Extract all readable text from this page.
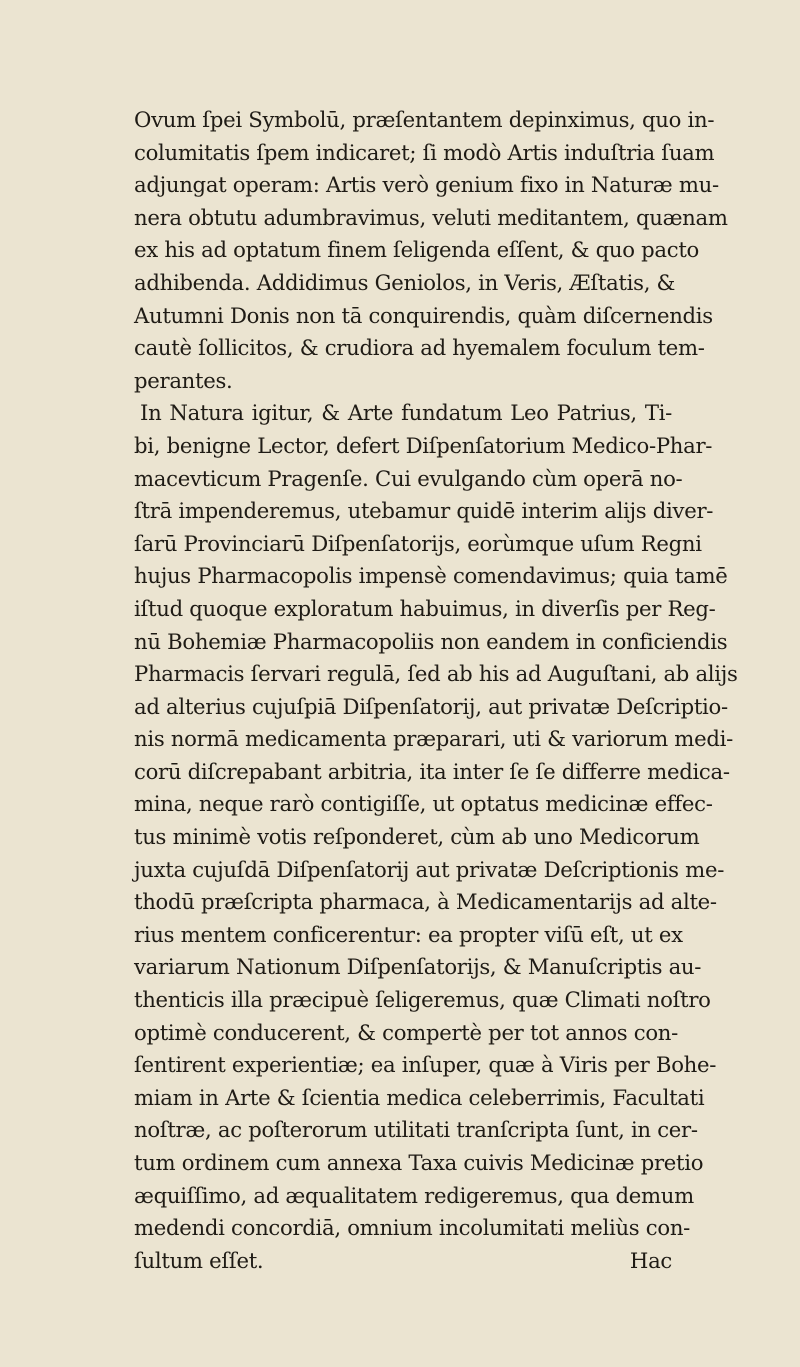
Ovum ſpei Symbolū, præſentantem depinximus, quo in-
columitatis ſpem indicaret; ſi modò Artis induſtria ſuam
adjungat operam: Artis verò genium fixo in Naturæ mu-
nera obtutu adumbravimus, veluti meditantem, quænam
ex his ad optatum finem ſeligenda eſſent, & quo pacto
adhibenda. Addidimus Geniolos, in Veris, Æſtatis, &
Autumni Donis non tā conquirendis, quàm diſcernendis
cautè ſollicitos, & crudiora ad hyemalem foculum tem-
perantes.
In Natura igitur, & Arte fundatum Leo Patrius, Ti-
bi, benigne Lector, defert Diſpenſatorium Medico-Phar-
macevticum Pragenſe. Cui evulgando cùm operā no-
ſtrā impenderemus, utebamur quidē interim alijs diver-
ſarū Provinciarū Diſpenſatorijs, eorùmque uſum Regni
hujus Pharmacopolis impensè comendavimus; quia tamē
iſtud quoque exploratum habuimus, in diverſis per Reg-
nū Bohemiæ Pharmacopoliis non eandem in conficiendis
Pharmacis ſervari regulā, ſed ab his ad Auguſtani, ab alijs
ad alterius cujuſpiā Diſpenſatorij, aut privatæ Deſcriptio-
nis normā medicamenta præparari, uti & variorum medi-
corū diſcrepabant arbitria, ita inter ſe ſe differre medica-
mina, neque rarò contigiſſe, ut optatus medicinæ effec-
tus minimè votis reſponderet, cùm ab uno Medicorum
juxta cujuſdā Diſpenſatorij aut privatæ Deſcriptionis me-
thodū præſcripta pharmaca, à Medicamentarijs ad alte-
rius mentem conficerentur: ea propter viſū eſt, ut ex
variarum Nationum Diſpenſatorijs, & Manuſcriptis au-
thenticis illa præcipuè ſeligeremus, quæ Climati noſtro
optimè conducerent, & compertè per tot annos con-
ſentirent experientiæ; ea inſuper, quæ à Viris per Bohe-
miam in Arte & ſcientia medica celeberrimis, Facultati
noſtræ, ac poſterorum utilitati tranſcripta ſunt, in cer-
tum ordinem cum annexa Taxa cuivis Medicinæ pretio
æquiſſimo, ad æqualitatem redigeremus, qua demum
medendi concordiā, omnium incolumitati meliùs con-
ſultum eſſet.	Hac
